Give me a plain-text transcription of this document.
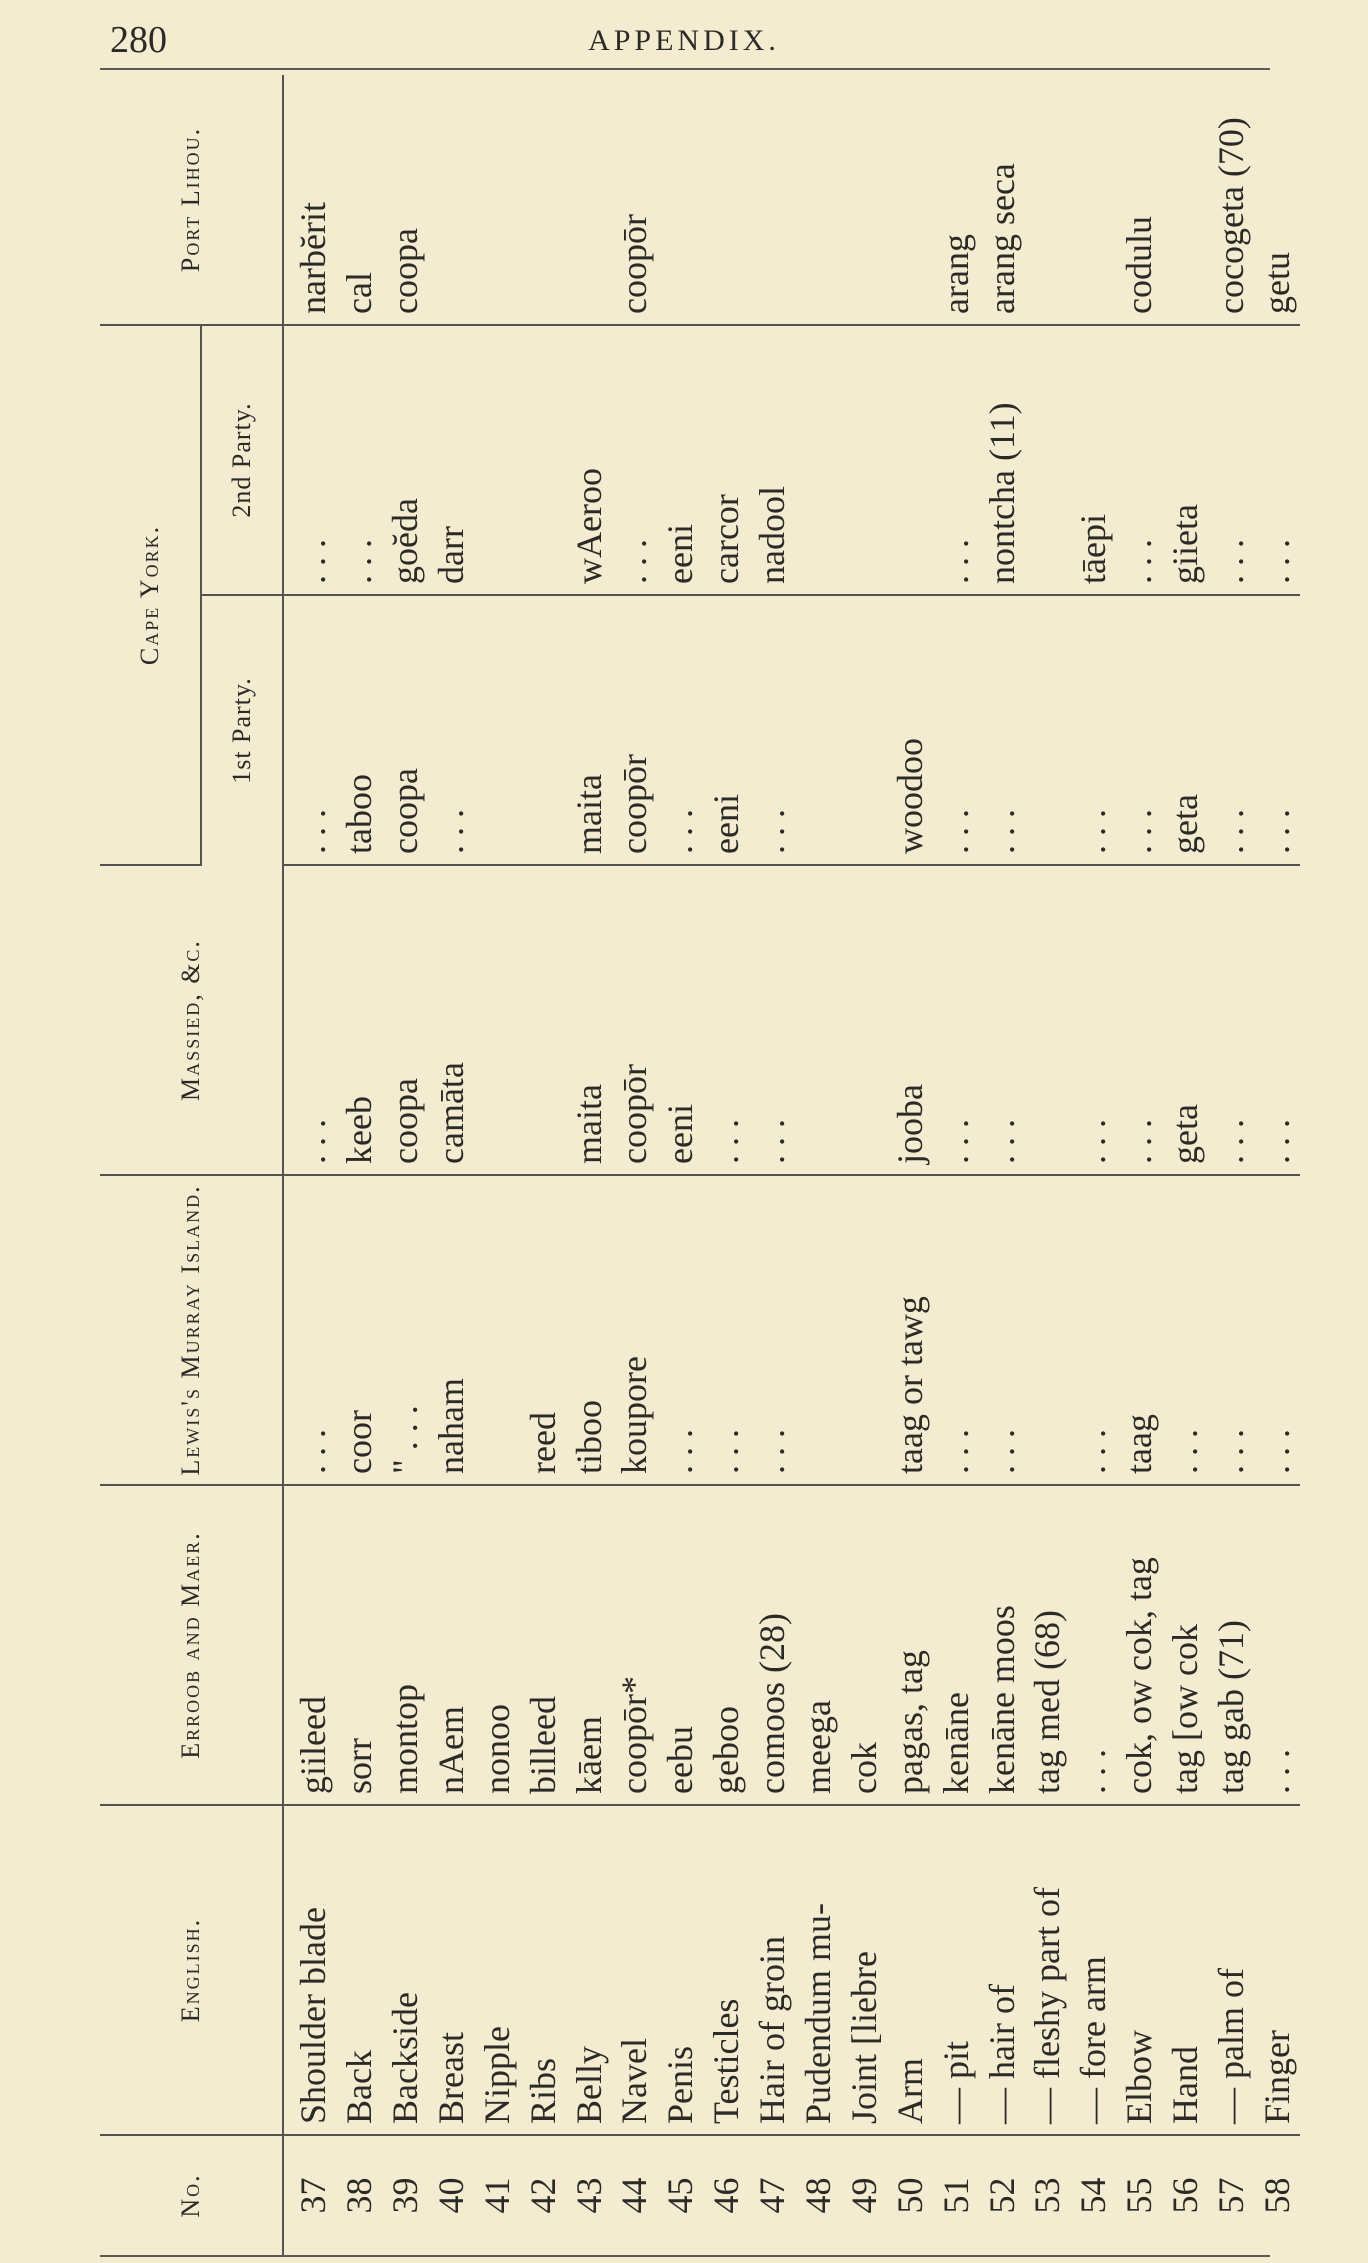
280	APPENDIX.
No.	English.	Erroob and Maer.	Lewis's Murray Island.	Massied, &c.	Cape York.		Port Lihou.
					1st Party.	2nd Party.	
37	Shoulder blade	giileed	. . .	. . .	. . .	. . .	narbĕrit
38	Back	sorr	coor	keeb	taboo	. . .	cal
39	Backside	montop	" . . .	coopa	coopa	goĕda	coopa
40	Breast	nAem	naham	camāta	. . .	darr	
41	Nipple	nonoo					
42	Ribs	billeed	reed				
43	Belly	kāem	tiboo	maita	maita	wAeroo	
44	Navel	coopōr*	koupore	coopōr	coopōr	. . .	coopōr
45	Penis	eebu	. . .	eeni	. . .	eeni	
46	Testicles	geboo	. . .	. . .	eeni	carcor	
47	Hair of groin	comoos (28)	. . .	. . .	. . .	nadool	
48	Pudendum mu-	meega					
49	Joint [liebre	cok					
50	Arm	pagas, tag	taag or tawg	jooba	woodoo		
51	— pit	kenāne	. . .	. . .	. . .	. . .	arang
52	— hair of	kenāne moos	. . .	. . .	. . .	nontcha (11)	arang seca
53	— fleshy part of	tag med (68)					
54	— fore arm	. . .	. . .	. . .	. . .	tāepi	
55	Elbow	cok, ow cok, tag	taag	. . .	. . .	. . .	codulu
56	Hand	tag [ow cok	. . .	geta	geta	giieta	
57	— palm of	tag gab (71)	. . .	. . .	. . .	. . .	cocogeta (70)
58	Finger	. . .	. . .	. . .	. . .	. . .	getu
